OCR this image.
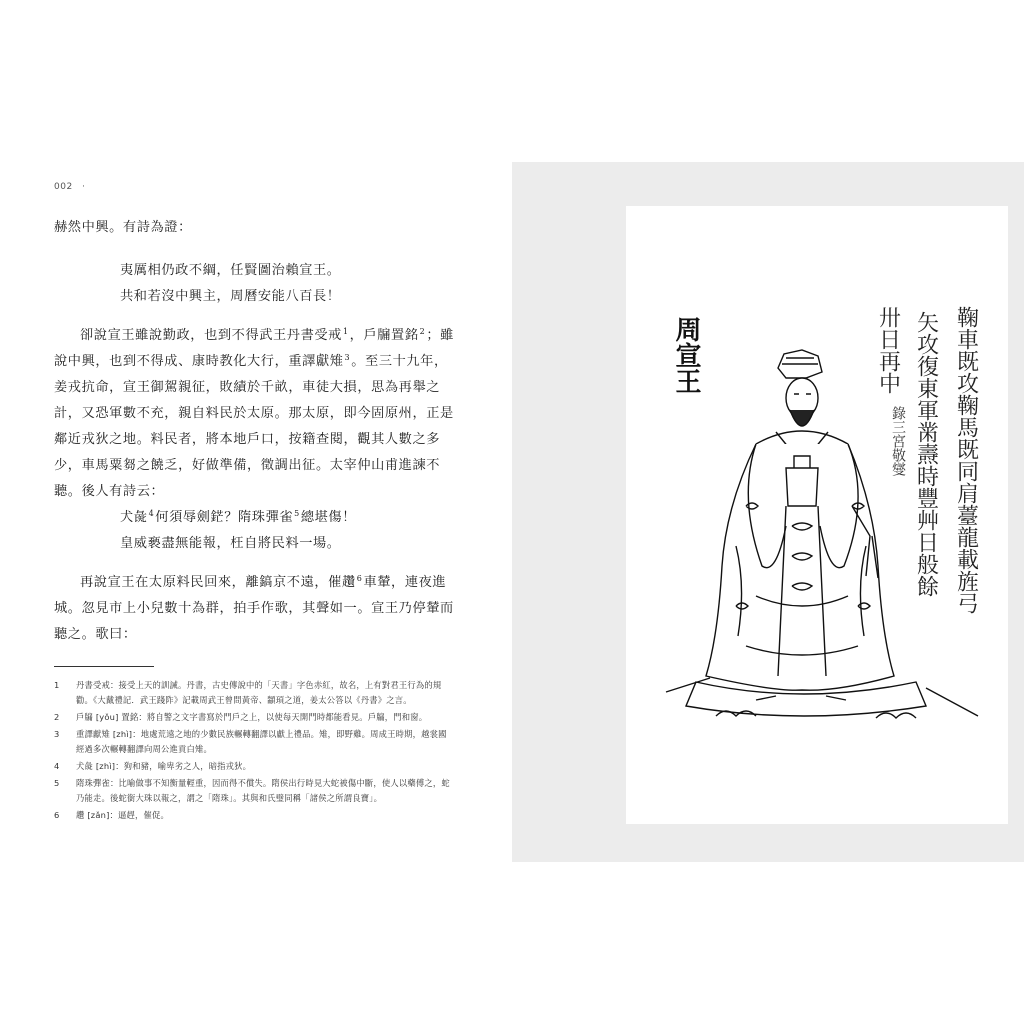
002　·

赫然中興。有詩為證：

夷厲相仍政不綱，任賢圖治賴宣王。
共和若沒中興主，周曆安能八百長！

卻說宣王雖說勤政，也到不得武王丹書受戒$^1$，戶牖置銘$^2$；雖說中興，也到不得成、康時教化大行，重譯獻雉$^3$。至三十九年，姜戎抗命，宣王御駕親征，敗績於千畝，車徒大損，思為再舉之計，又恐軍數不充，親自料民於太原。那太原，即今固原州，正是鄰近戎狄之地。料民者，將本地戶口，按籍查閱，觀其人數之多少，車馬粟芻之饒乏，好做準備，徵調出征。太宰仲山甫進諫不聽。後人有詩云：

犬彘$^4$何須辱劍鋩？隋珠彈雀$^5$總堪傷！
皇威褻盡無能報，枉自將民料一場。

再說宣王在太原料民回來，離鎬京不遠，催趲$^6$車輦，連夜進城。忽見市上小兒數十為群，拍手作歌，其聲如一。宣王乃停輦而聽之。歌曰：

1	丹書受戒：接受上天的訓誡。丹書，古史傳說中的「天書」字色赤紅，故名，上有對君王行為的規勸。《大戴禮記．武王踐阼》記載周武王曾問黃帝、顓頊之道，姜太公答以《丹書》之言。
2	戶牖 [yǒu] 置銘：將自警之文字書寫於門戶之上，以使每天開門時都能看見。戶牖，門和窗。
3	重譯獻雉 [zhì]：地處荒遠之地的少數民族輾轉翻譯以獻上禮品。雉，即野雞。周成王時期，越裳國經過多次輾轉翻譯向周公進貢白雉。
4	犬彘 [zhì]：狗和豬，喻卑劣之人，暗指戎狄。
5	隋珠彈雀：比喻做事不知衡量輕重，因而得不償失。隋侯出行時見大蛇被傷中斷，使人以藥傅之，蛇乃能走。後蛇銜大珠以報之，謂之「隋珠」。其與和氏璧同稱「諸侯之所謂良寶」。
6	趲 [zǎn]：逼趕，催促。
周宣王	鞠車既攻鞠馬既同肩薹龍載旌弓
矢攻復東軍黹燾時豐艸日般餘
卅日再中
錄三宮敬燮
